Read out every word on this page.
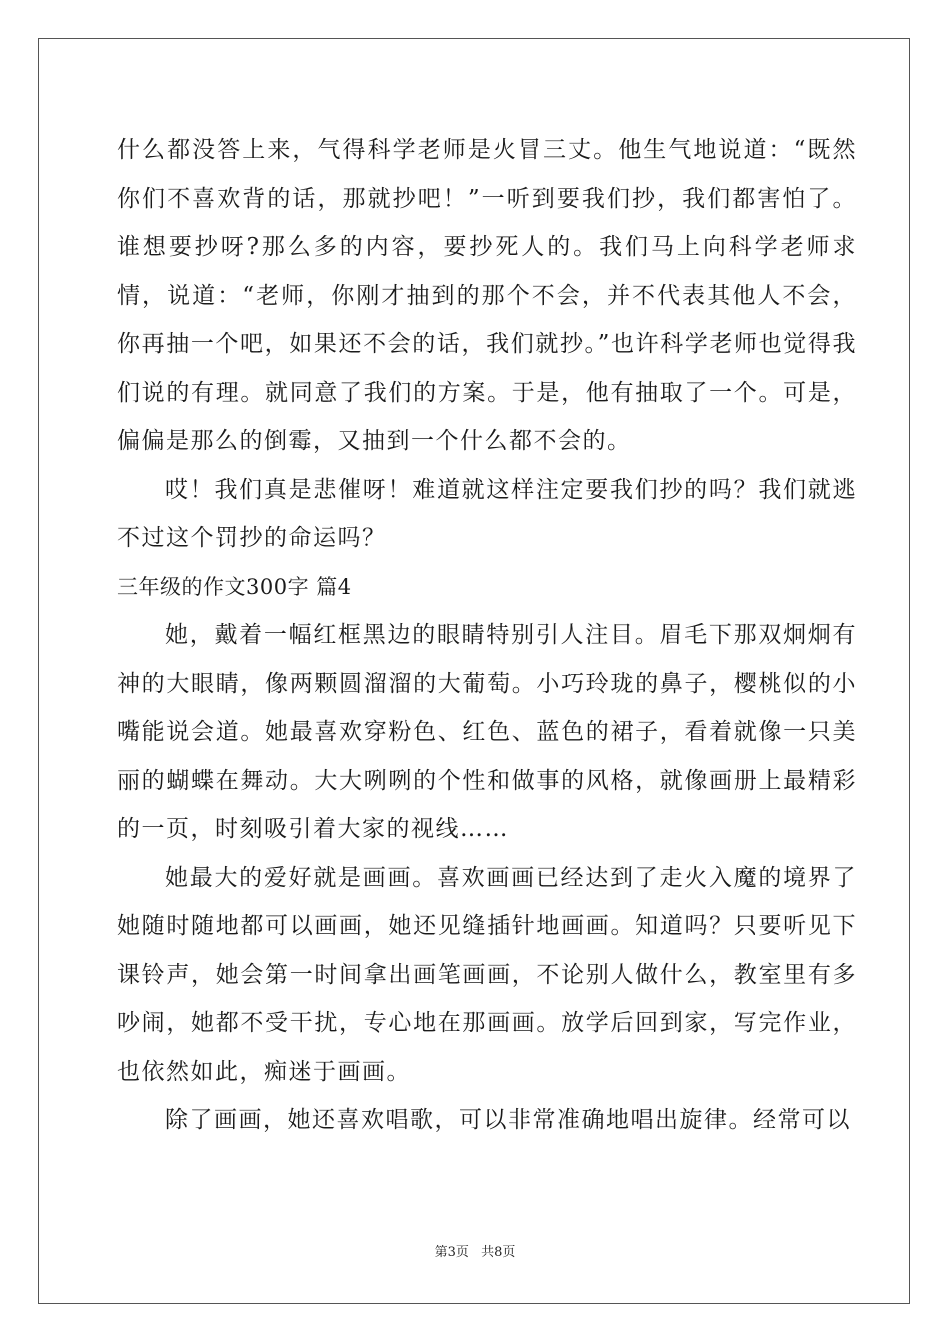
什么都没答上来，气得科学老师是火冒三丈。他生气地说道：“既然你们不喜欢背的话，那就抄吧！”一听到要我们抄，我们都害怕了。谁想要抄呀?那么多的内容，要抄死人的。我们马上向科学老师求情，说道：“老师，你刚才抽到的那个不会，并不代表其他人不会，你再抽一个吧，如果还不会的话，我们就抄。”也许科学老师也觉得我们说的有理。就同意了我们的方案。于是，他有抽取了一个。可是，偏偏是那么的倒霉，又抽到一个什么都不会的。

哎！我们真是悲催呀！难道就这样注定要我们抄的吗？我们就逃不过这个罚抄的命运吗？

三年级的作文300字 篇4

她，戴着一幅红框黑边的眼睛特别引人注目。眉毛下那双炯炯有神的大眼睛，像两颗圆溜溜的大葡萄。小巧玲珑的鼻子，樱桃似的小嘴能说会道。她最喜欢穿粉色、红色、蓝色的裙子，看着就像一只美丽的蝴蝶在舞动。大大咧咧的个性和做事的风格，就像画册上最精彩的一页，时刻吸引着大家的视线……

她最大的爱好就是画画。喜欢画画已经达到了走火入魔的境界了她随时随地都可以画画，她还见缝插针地画画。知道吗？只要听见下课铃声，她会第一时间拿出画笔画画，不论别人做什么，教室里有多吵闹，她都不受干扰，专心地在那画画。放学后回到家，写完作业，也依然如此，痴迷于画画。

除了画画，她还喜欢唱歌，可以非常准确地唱出旋律。经常可以

第3页 共8页
